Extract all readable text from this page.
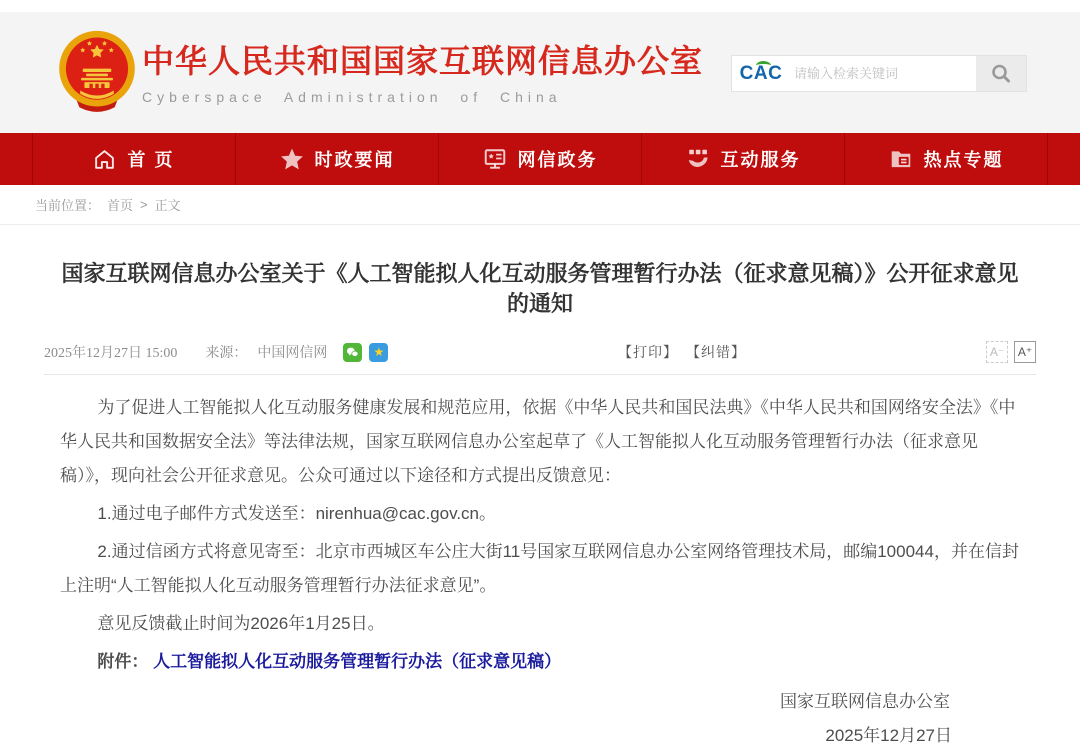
中华人民共和国国家互联网信息办公室
Cyberspace Administration of China
CAC
请输入检索关键词
首 页	时政要闻	网信政务	互动服务	热点专题
当前位置： 首页 > 正文
国家互联网信息办公室关于《人工智能拟人化互动服务管理暂行办法（征求意见稿）》公开征求意见的通知
2025年12月27日 15:00 来源： 中国网信网	★	【打印】 【纠错】	A⁻	A⁺

为了促进人工智能拟人化互动服务健康发展和规范应用，依据《中华人民共和国民法典》《中华人民共和国网络安全法》《中华人民共和国数据安全法》等法律法规，国家互联网信息办公室起草了《人工智能拟人化互动服务管理暂行办法（征求意见稿）》，现向社会公开征求意见。公众可通过以下途径和方式提出反馈意见：

1.通过电子邮件方式发送至：nirenhua@cac.gov.cn。

2.通过信函方式将意见寄至：北京市西城区车公庄大街11号国家互联网信息办公室网络管理技术局，邮编100044，并在信封上注明“人工智能拟人化互动服务管理暂行办法征求意见”。

意见反馈截止时间为2026年1月25日。

附件： 人工智能拟人化互动服务管理暂行办法（征求意见稿）

国家互联网信息办公室
2025年12月27日
